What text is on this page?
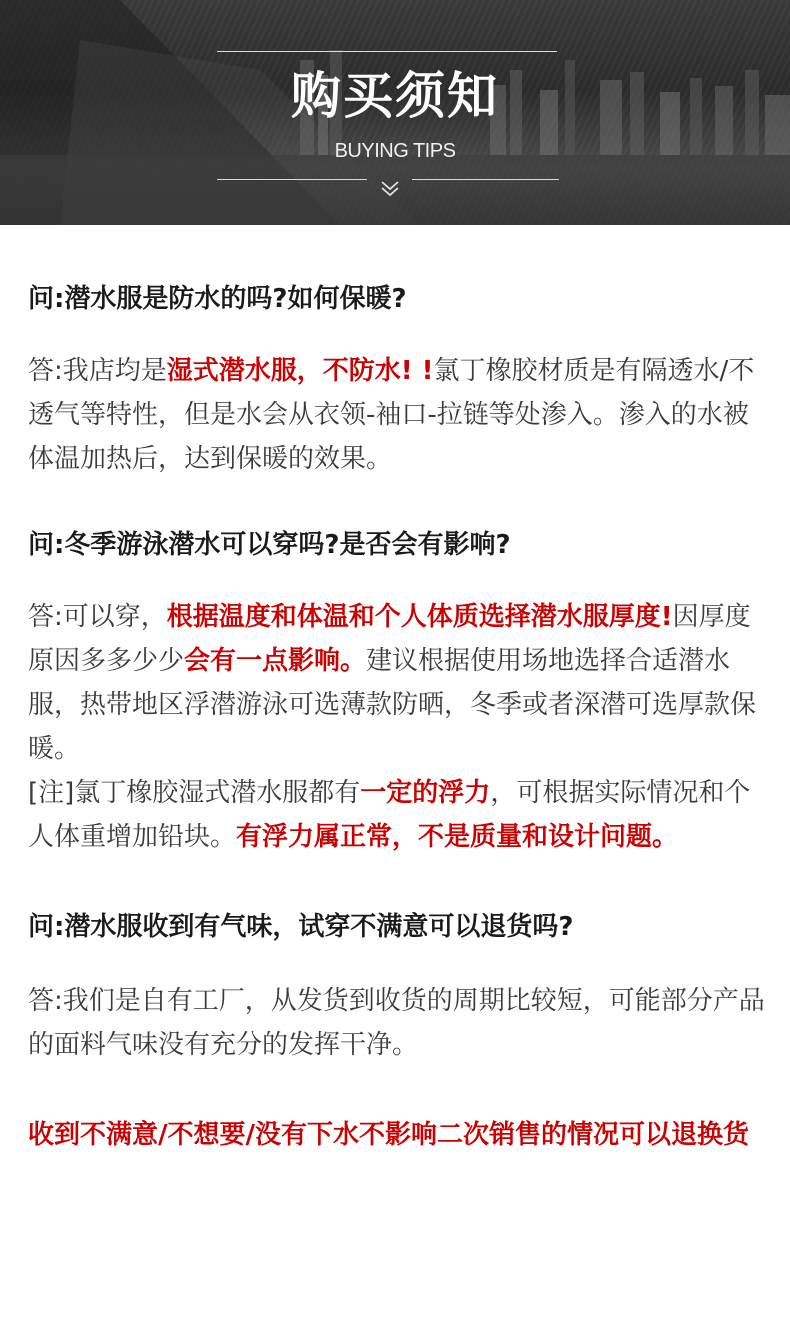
购买须知
BUYING TIPS

问:潜水服是防水的吗?如何保暖?

答:我店均是湿式潜水服，不防水! !氯丁橡胶材质是有隔透水/不透气等特性，但是水会从衣领-袖口-拉链等处渗入。渗入的水被体温加热后，达到保暖的效果。

问:冬季游泳潜水可以穿吗?是否会有影响?

答:可以穿，根据温度和体温和个人体质选择潜水服厚度!因厚度原因多多少少会有一点影响。建议根据使用场地选择合适潜水服，热带地区浮潜游泳可选薄款防晒，冬季或者深潜可选厚款保暖。

[注]氯丁橡胶湿式潜水服都有一定的浮力，可根据实际情况和个人体重增加铅块。有浮力属正常，不是质量和设计问题。

问:潜水服收到有气味，试穿不满意可以退货吗?

答:我们是自有工厂，从发货到收货的周期比较短，可能部分产品的面料气味没有充分的发挥干净。

收到不满意/不想要/没有下水不影响二次销售的情况可以退换货
